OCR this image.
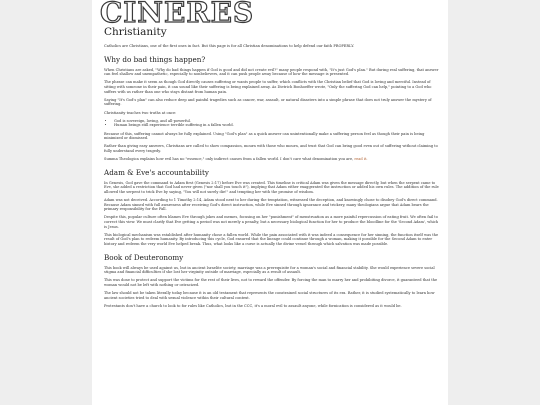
CINERES
Christianity

Catholics are Christians, one of the first ones in fact. But this page is for all Christian denominations to help defend our faith PROPERLY.

Why do bad things happen?

When Christians are asked, "Why do bad things happen if God is good and did not create evil?" many people respond with, "It's just God's plan." But during real suffering, that answer can feel shallow and unempathetic, especially to nonbelievers, and it can push people away because of how the message is presented.

The phrase can make it seem as though God directly causes suffering or wants people to suffer, which conflicts with the Christian belief that God is loving and merciful. Instead of sitting with someone in their pain, it can sound like their suffering is being explained away. As Dietrich Bonhoeffer wrote, "Only the suffering God can help," pointing to a God who suffers with us rather than one who stays distant from human pain.

Saying "It's God's plan" can also reduce deep and painful tragedies such as cancer, war, assault, or natural disasters into a simple phrase that does not truly answer the mystery of suffering.

Christianity teaches two truths at once:

• God is sovereign, loving, and all-powerful.
• Human beings still experience terrible suffering in a fallen world.

Because of this, suffering cannot always be fully explained. Using "God's plan" as a quick answer can unintentionally make a suffering person feel as though their pain is being minimized or dismissed.

Rather than giving easy answers, Christians are called to show compassion, mourn with those who mourn, and trust that God can bring good even out of suffering without claiming to fully understand every tragedy.

Summa Theologica explains how evil has no "essence," only indirect causes from a fallen world. I don't care what denomination you are, read it.

Adam & Eve's accountability

In Genesis, God gave the command to Adam first (Genesis 2:17) before Eve was created. This timeline is critical Adam was given the message directly, but when the serpent came to Eve, she added a restriction that God had never given ("nor shall you touch it"), implying that Adam either exaggerated the instruction or added his own rules. The addition of the rule allowed the serpent to trick Eve by saying, "You will not surely die!" and tempting her with the promise of wisdom.

Adam was not deceived. According to 1 Timothy 2:14, Adam stood next to her during the temptation, witnessed the deception, and knowingly chose to disobey God's direct command. Because Adam sinned with full awareness after receiving God's direct instruction, while Eve sinned through ignorance and trickery, many theologians argue that Adam bears the primary responsibility for the Fall.

Despite this, popular culture often blames Eve through jokes and memes, focusing on her "punishment" of menstruation as a more painful repercussion of eating fruit. We often fail to correct this view. We must clarify that Eve getting a period was not merely a penalty, but a necessary biological function for her to produce the bloodline for the 'Second Adam', which is Jesus.

This biological mechanism was established after humanity chose a fallen world. While the pain associated with it was indeed a consequence for her sinning, the function itself was the result of God's plan to redeem humanity. By introducing this cycle, God ensured that the lineage could continue through a woman, making it possible for the Second Adam to enter history and redeem the very world Eve helped break. Thus, what looks like a curse is actually the divine vessel through which salvation was made possible.

Book of Deuteronomy

This book will always be used against us, but in ancient Israelite society, marriage was a prerequisite for a woman's social and financial stability. She would experience severe social stigma and financial difficulties if she lost her virginity outside of marriage, especially as a result of assault.

This was done to protect and support the victims for the rest of their lives, not to reward the offender. By forcing the man to marry her and prohibiting divorce, it guaranteed that the woman would not be left with nothing or ostracized.

The law should not be taken literally today because it is an old testament that represents the constrained social structures of its era. Rather, it is studied systematically to learn how ancient societies tried to deal with sexual violence within their cultural context.

Protestants don't have a church to look to for rules like Catholics, but in the CCC, it's a moral evil to assault anyone, while fornication is considered as it would be.
